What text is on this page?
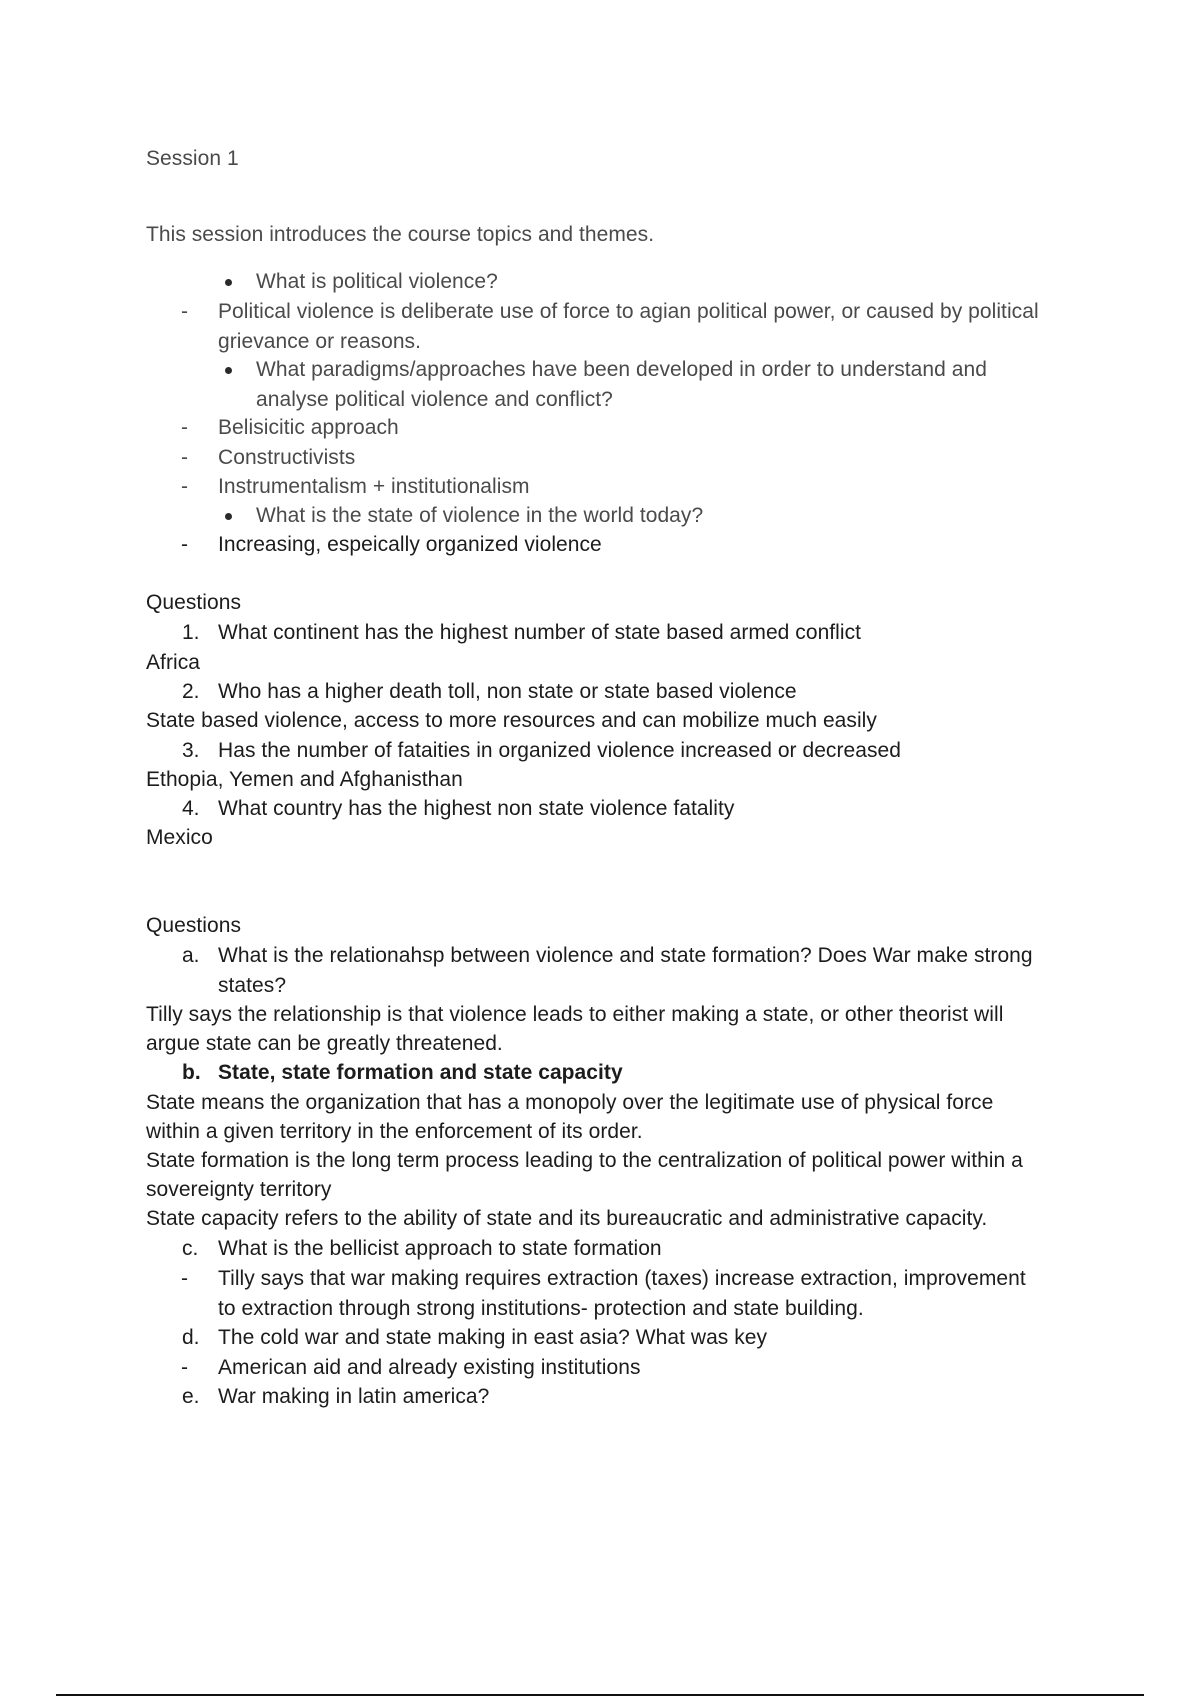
Session 1
This session introduces the course topics and themes.
What is political violence?
- Political violence is deliberate use of force to agian political power, or caused by political
grievance or reasons.
What paradigms/approaches have been developed in order to understand and
analyse political violence and conflict?
- Belisicitic approach
- Constructivists
- Instrumentalism + institutionalism
What is the state of violence in the world today?
- Increasing, espeically organized violence
Questions
1. What continent has the highest number of state based armed conflict
Africa
2. Who has a higher death toll, non state or state based violence
State based violence, access to more resources and can mobilize much easily
3. Has the number of fataities in organized violence increased or decreased
Ethopia, Yemen and Afghanisthan
4. What country has the highest non state violence fatality
Mexico
Questions
a. What is the relationahsp between violence and state formation? Does War make strong
states?
Tilly says the relationship is that violence leads to either making a state, or other theorist will
argue state can be greatly threatened.
b. State, state formation and state capacity
State means the organization that has a monopoly over the legitimate use of physical force
within a given territory in the enforcement of its order.
State formation is the long term process leading to the centralization of political power within a
sovereignty territory
State capacity refers to the ability of state and its bureaucratic and administrative capacity.
c. What is the bellicist approach to state formation
- Tilly says that war making requires extraction (taxes) increase extraction, improvement
to extraction through strong institutions- protection and state building.
d. The cold war and state making in east asia? What was key
- American aid and already existing institutions
e. War making in latin america?
